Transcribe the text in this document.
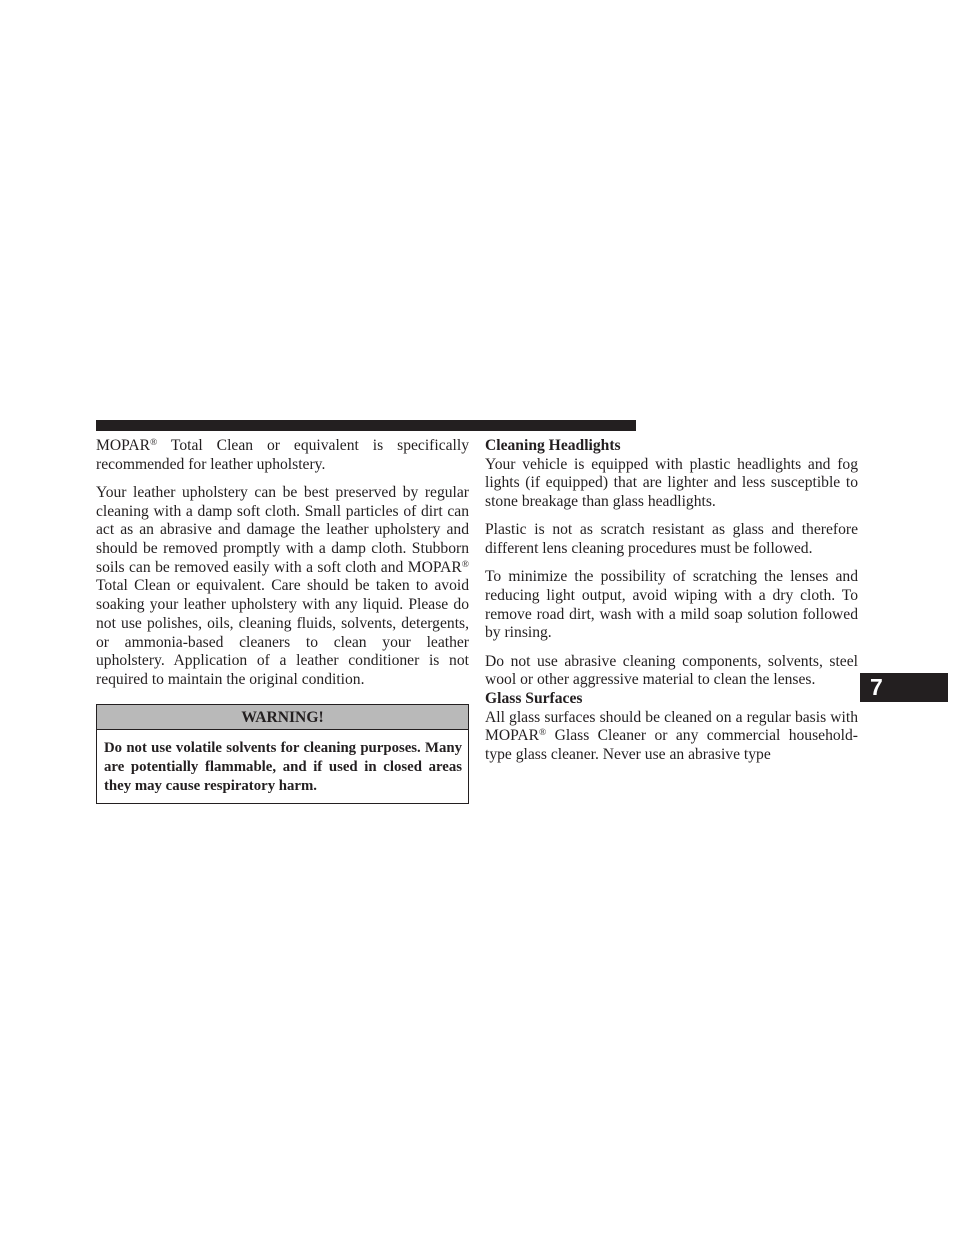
MOPAR® Total Clean or equivalent is specifically recommended for leather upholstery.

Your leather upholstery can be best preserved by regular cleaning with a damp soft cloth. Small particles of dirt can act as an abrasive and damage the leather upholstery and should be removed promptly with a damp cloth. Stubborn soils can be removed easily with a soft cloth and MOPAR® Total Clean or equivalent. Care should be taken to avoid soaking your leather upholstery with any liquid. Please do not use polishes, oils, cleaning fluids, solvents, detergents, or ammonia-based cleaners to clean your leather upholstery. Application of a leather conditioner is not required to maintain the original condition.

WARNING!
Do not use volatile solvents for cleaning purposes. Many are potentially flammable, and if used in closed areas they may cause respiratory harm.

Cleaning Headlights

Your vehicle is equipped with plastic headlights and fog lights (if equipped) that are lighter and less susceptible to stone breakage than glass headlights.

Plastic is not as scratch resistant as glass and therefore different lens cleaning procedures must be followed.

To minimize the possibility of scratching the lenses and reducing light output, avoid wiping with a dry cloth. To remove road dirt, wash with a mild soap solution followed by rinsing.

Do not use abrasive cleaning components, solvents, steel wool or other aggressive material to clean the lenses.

Glass Surfaces

All glass surfaces should be cleaned on a regular basis with MOPAR® Glass Cleaner or any commercial household-type glass cleaner. Never use an abrasive type

7
